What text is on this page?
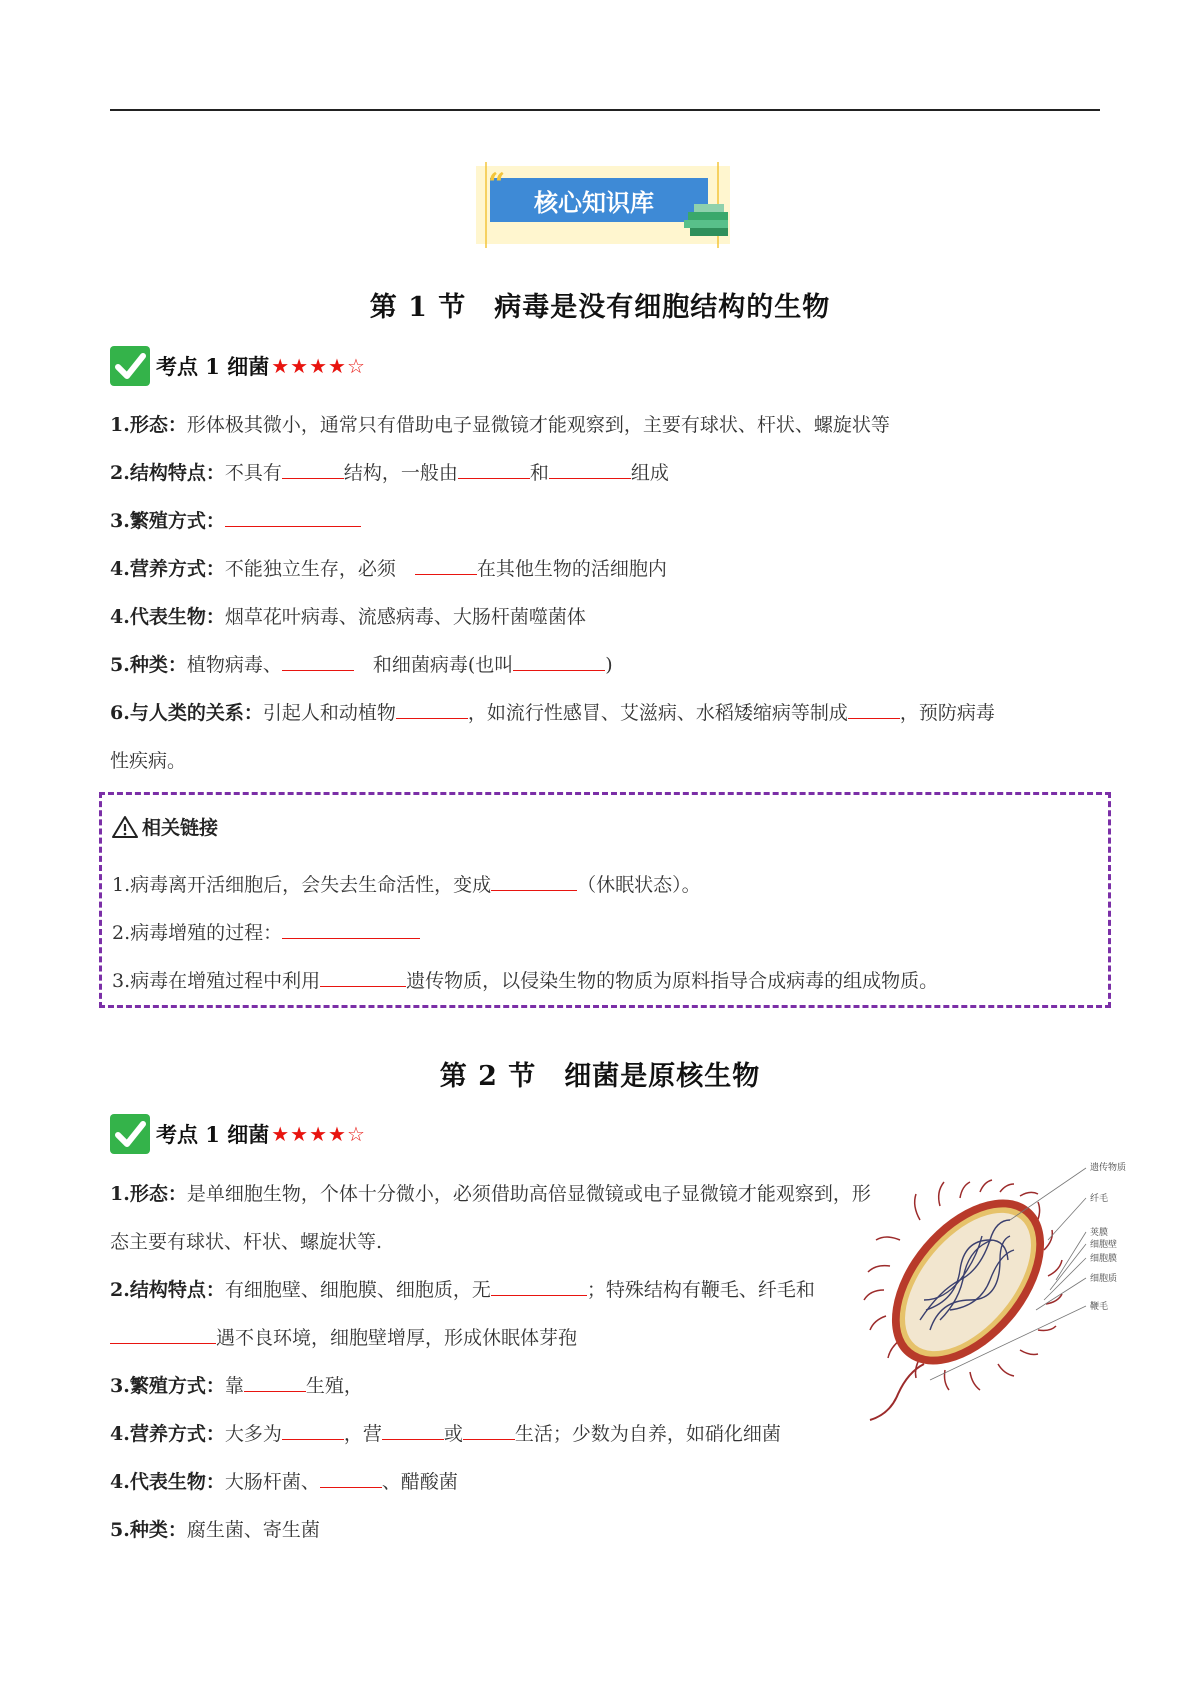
“
核心知识库
第 1 节　病毒是没有细胞结构的生物
考点 1 细菌 ★★★★☆
1.形态：形体极其微小，通常只有借助电子显微镜才能观察到，主要有球状、杆状、螺旋状等
2.结构特点：不具有	结构，一般由	和	组成
3.繁殖方式：
4.营养方式：不能独立生存，必须　	在其他生物的活细胞内
4.代表生物：烟草花叶病毒、流感病毒、大肠杆菌噬菌体
5.种类：植物病毒、	　和细菌病毒(也叫	)
6.与人类的关系：引起人和动植物	，如流行性感冒、艾滋病、水稻矮缩病等制成	，预防病毒
性疾病。
相关链接
1.病毒离开活细胞后，会失去生命活性，变成	（休眠状态）。
2.病毒增殖的过程：
3.病毒在增殖过程中利用	遗传物质，以侵染生物的物质为原料指导合成病毒的组成物质。
第 2 节　细菌是原核生物
考点 1 细菌 ★★★★☆
1.形态：是单细胞生物，个体十分微小，必须借助高倍显微镜或电子显微镜才能观察到，形
态主要有球状、杆状、螺旋状等.
2.结构特点：有细胞壁、细胞膜、细胞质，无	；特殊结构有鞭毛、纤毛和
遇不良环境，细胞壁增厚，形成休眠体芽孢
3.繁殖方式：靠	生殖，
4.营养方式：大多为	，营	或	生活；少数为自养，如硝化细菌
4.代表生物：大肠杆菌、	、醋酸菌
5.种类：腐生菌、寄生菌
遗传物质
纤毛
荚膜
细胞壁
细胞膜
细胞质
鞭毛
